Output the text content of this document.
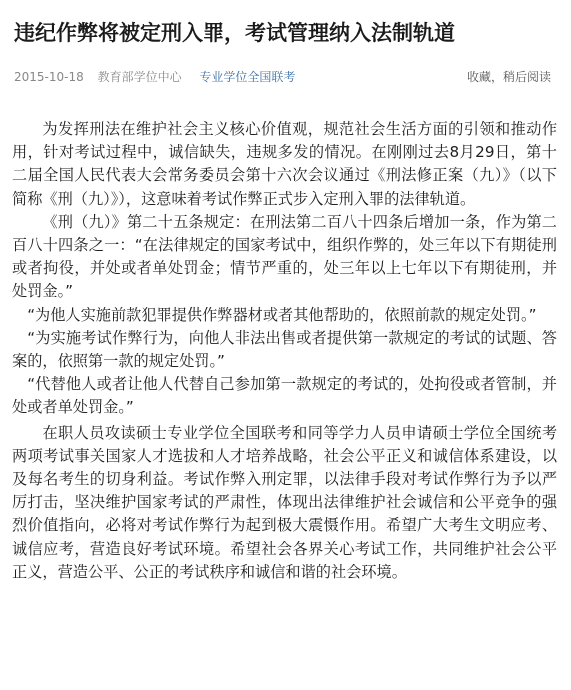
违纪作弊将被定刑入罪，考试管理纳入法制轨道
2015-10-18 教育部学位中心 专业学位全国联考	收藏，稍后阅读

为发挥刑法在维护社会主义核心价值观，规范社会生活方面的引领和推动作用，针对考试过程中，诚信缺失，违规多发的情况。在刚刚过去8月29日，第十二届全国人民代表大会常务委员会第十六次会议通过《刑法修正案（九）》（以下简称《刑（九）》），这意味着考试作弊正式步入定刑入罪的法律轨道。

《刑（九）》第二十五条规定：在刑法第二百八十四条后增加一条，作为第二百八十四条之一：“在法律规定的国家考试中，组织作弊的，处三年以下有期徒刑或者拘役，并处或者单处罚金；情节严重的，处三年以上七年以下有期徒刑，并处罚金。”

“为他人实施前款犯罪提供作弊器材或者其他帮助的，依照前款的规定处罚。”

“为实施考试作弊行为，向他人非法出售或者提供第一款规定的考试的试题、答案的，依照第一款的规定处罚。”

“代替他人或者让他人代替自己参加第一款规定的考试的，处拘役或者管制，并处或者单处罚金。”

在职人员攻读硕士专业学位全国联考和同等学力人员申请硕士学位全国统考两项考试事关国家人才选拔和人才培养战略，社会公平正义和诚信体系建设，以及每名考生的切身利益。考试作弊入刑定罪，以法律手段对考试作弊行为予以严厉打击，坚决维护国家考试的严肃性，体现出法律维护社会诚信和公平竞争的强烈价值指向，必将对考试作弊行为起到极大震慑作用。希望广大考生文明应考、诚信应考，营造良好考试环境。希望社会各界关心考试工作，共同维护社会公平正义，营造公平、公正的考试秩序和诚信和谐的社会环境。
